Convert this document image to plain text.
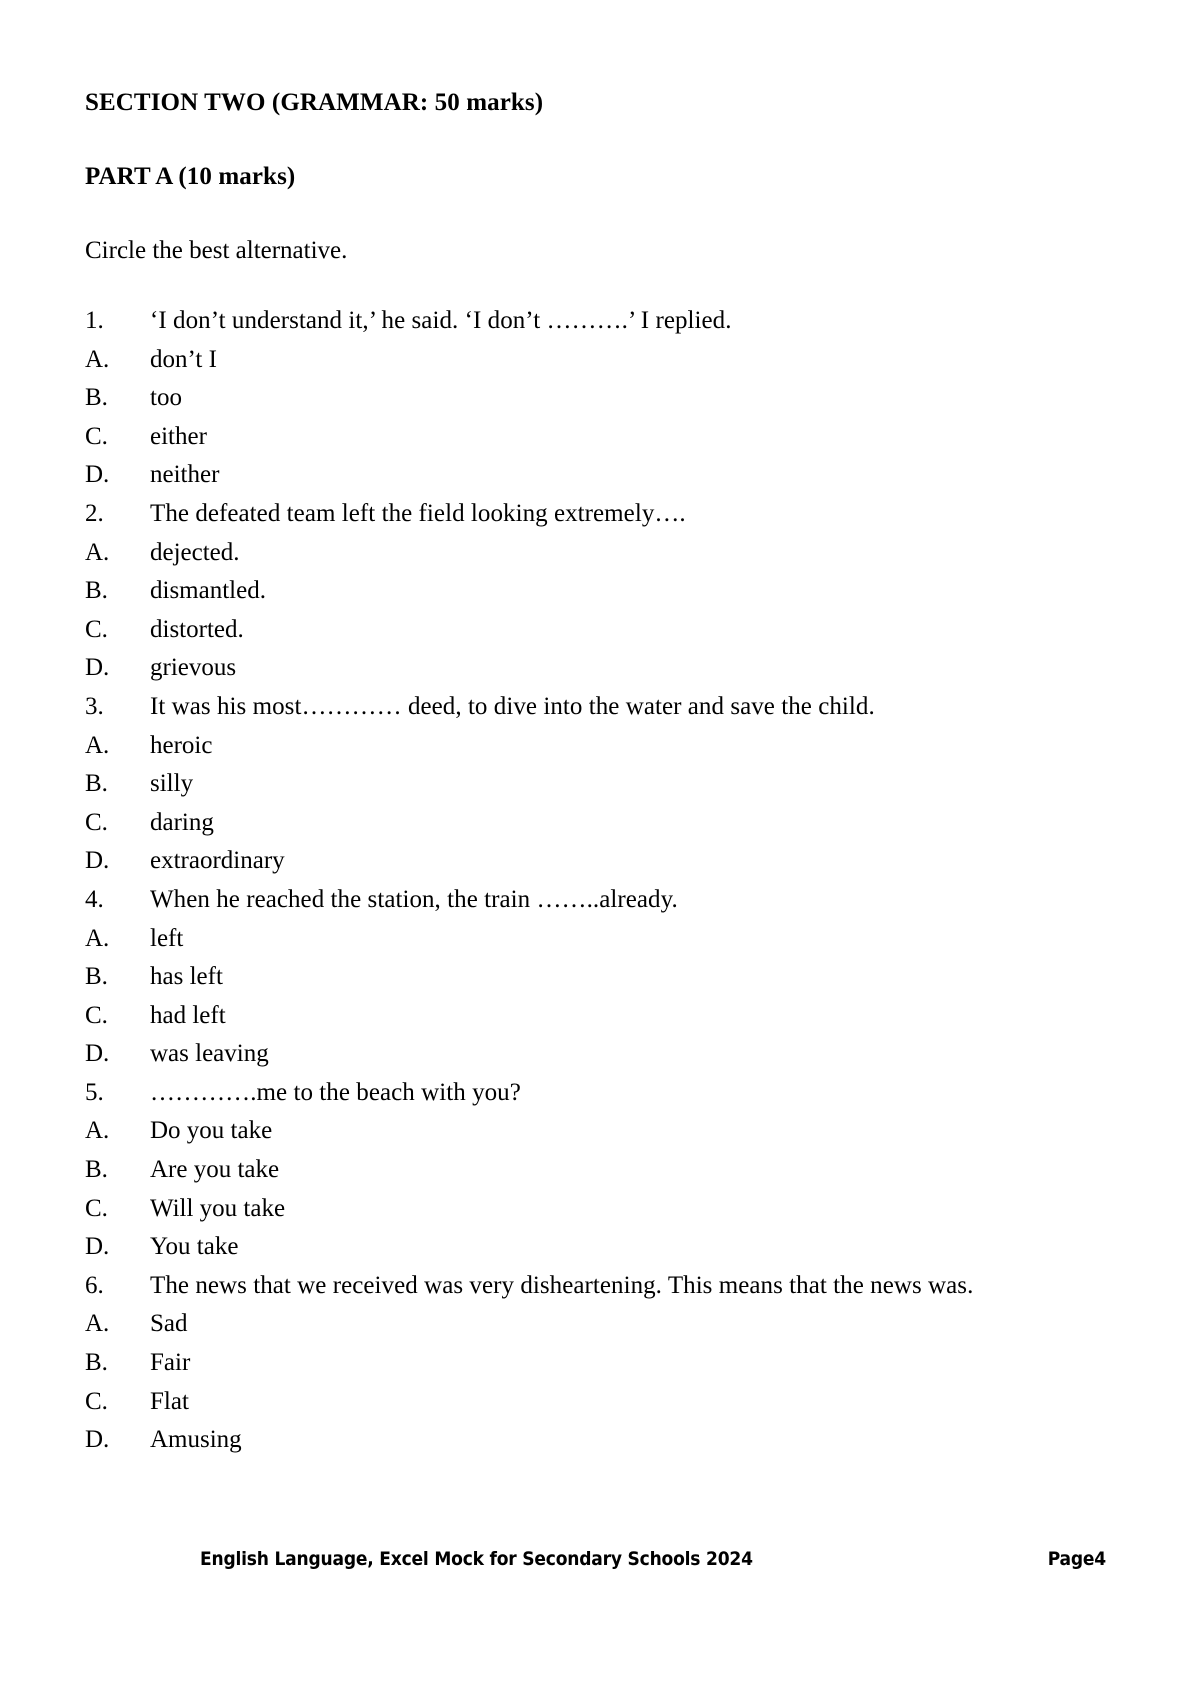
SECTION TWO (GRAMMAR: 50 marks)
PART A (10 marks)
Circle the best alternative.
1.	‘I don’t understand it,’ he said. ‘I don’t ……….’ I replied.
A.	don’t I
B.	too
C.	either
D.	neither
2.	The defeated team left the field looking extremely….
A.	dejected.
B.	dismantled.
C.	distorted.
D.	grievous
3.	It was his most………… deed, to dive into the water and save the child.
A.	heroic
B.	silly
C.	daring
D.	extraordinary
4.	When he reached the station, the train ……..already.
A.	left
B.	has left
C.	had left
D.	was leaving
5.	………….me to the beach with you?
A.	Do you take
B.	Are you take
C.	Will you take
D.	You take
6.	The news that we received was very disheartening. This means that the news was.
A.	Sad
B.	Fair
C.	Flat
D.	Amusing
English Language, Excel Mock for Secondary Schools 2024	Page4
